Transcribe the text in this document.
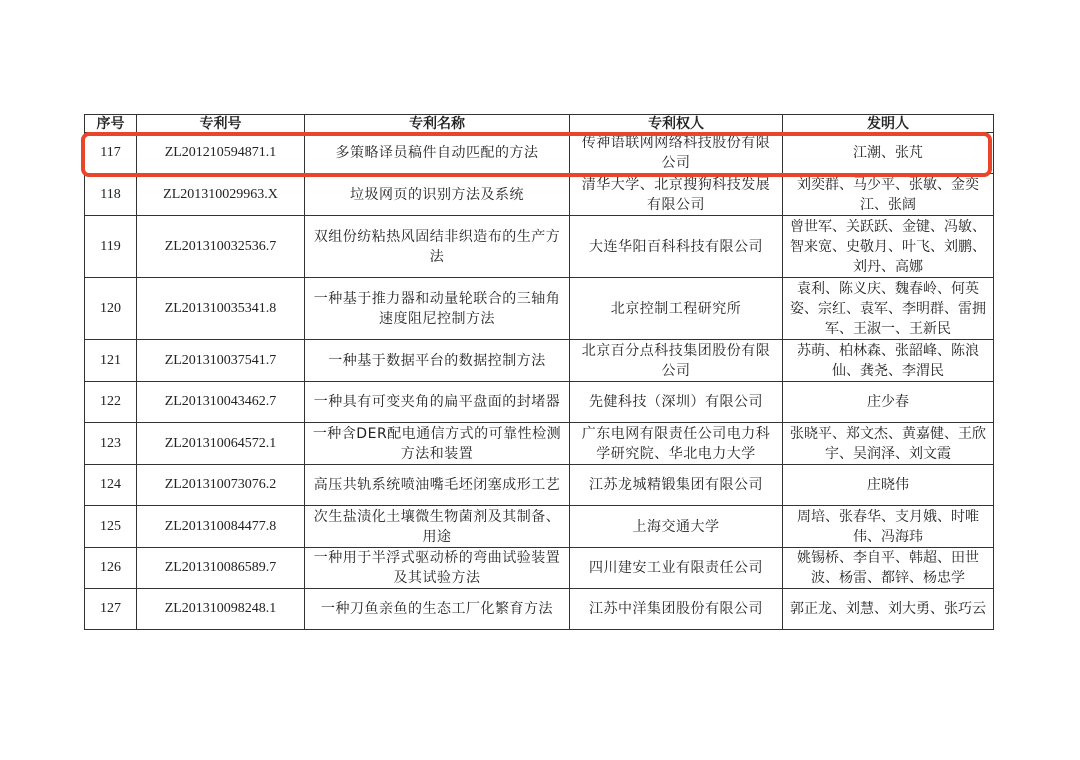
序号	专利号	专利名称	专利权人	发明人
117	ZL201210594871.1	多策略译员稿件自动匹配的方法	传神语联网网络科技股份有限公司	江潮、张芃
118	ZL201310029963.X	垃圾网页的识别方法及系统	清华大学、北京搜狗科技发展有限公司	刘奕群、马少平、张敏、金奕江、张阔
119	ZL201310032536.7	双组份纺粘热风固结非织造布的生产方法	大连华阳百科科技有限公司	曾世军、关跃跃、金键、冯敏、智来宽、史敬月、叶飞、刘鹏、刘丹、高娜
120	ZL201310035341.8	一种基于推力器和动量轮联合的三轴角速度阻尼控制方法	北京控制工程研究所	袁利、陈义庆、魏春岭、何英姿、宗红、袁军、李明群、雷拥军、王淑一、王新民
121	ZL201310037541.7	一种基于数据平台的数据控制方法	北京百分点科技集团股份有限公司	苏萌、柏林森、张韶峰、陈浪仙、龚尧、李渭民
122	ZL201310043462.7	一种具有可变夹角的扁平盘面的封堵器	先健科技（深圳）有限公司	庄少春
123	ZL201310064572.1	一种含DER配电通信方式的可靠性检测方法和装置	广东电网有限责任公司电力科学研究院、华北电力大学	张晓平、郑文杰、黄嘉健、王欣宇、吴润泽、刘文霞
124	ZL201310073076.2	高压共轨系统喷油嘴毛坯闭塞成形工艺	江苏龙城精锻集团有限公司	庄晓伟
125	ZL201310084477.8	次生盐渍化土壤微生物菌剂及其制备、用途	上海交通大学	周培、张春华、支月娥、时唯伟、冯海玮
126	ZL201310086589.7	一种用于半浮式驱动桥的弯曲试验装置及其试验方法	四川建安工业有限责任公司	姚锡桥、李自平、韩超、田世波、杨雷、都锌、杨忠学
127	ZL201310098248.1	一种刀鱼亲鱼的生态工厂化繁育方法	江苏中洋集团股份有限公司	郭正龙、刘慧、刘大勇、张巧云
